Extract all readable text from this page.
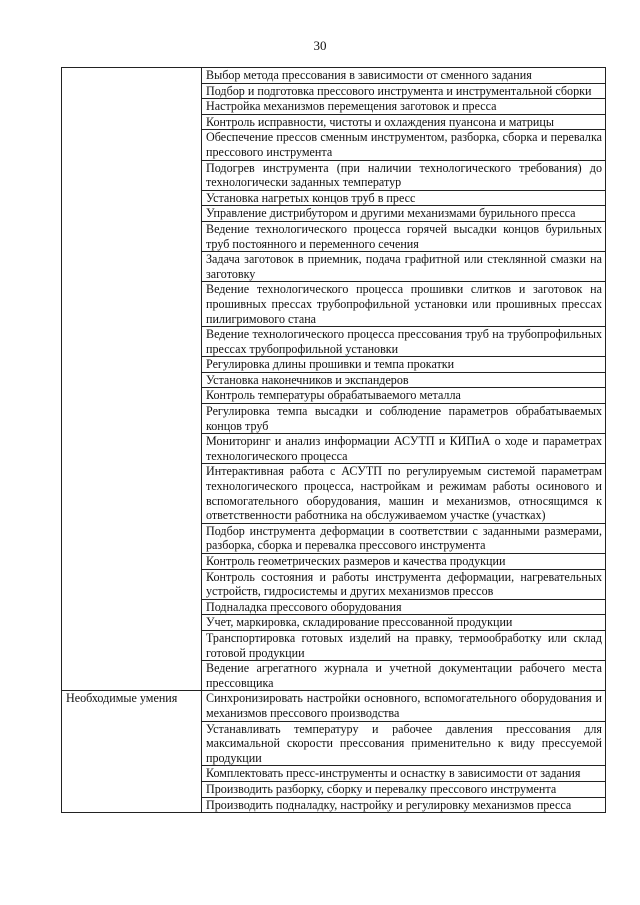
30
	Выбор метода прессования в зависимости от сменного задания
	Подбор и подготовка прессового инструмента и инструментальной сборки
	Настройка механизмов перемещения заготовок и пресса
	Контроль исправности, чистоты и охлаждения пуансона и матрицы
	Обеспечение прессов сменным инструментом, разборка, сборка и перевалка прессового инструмента
	Подогрев инструмента (при наличии технологического требования) до технологически заданных температур
	Установка нагретых концов труб в пресс
	Управление дистрибутором и другими механизмами бурильного пресса
	Ведение технологического процесса горячей высадки концов бурильных труб постоянного и переменного сечения
	Задача заготовок в приемник, подача графитной или стеклянной смазки на заготовку
	Ведение технологического процесса прошивки слитков и заготовок на прошивных прессах трубопрофильной установки или прошивных прессах пилигримового стана
	Ведение технологического процесса прессования труб на трубопрофильных прессах трубопрофильной установки
	Регулировка длины прошивки и темпа прокатки
	Установка наконечников и экспандеров
	Контроль температуры обрабатываемого металла
	Регулировка темпа высадки и соблюдение параметров обрабатываемых концов труб
	Мониторинг и анализ информации АСУТП и КИПиА о ходе и параметрах технологического процесса
	Интерактивная работа с АСУТП по регулируемым системой параметрам технологического процесса, настройкам и режимам работы осинового и вспомогательного оборудования, машин и механизмов, относящимся к ответственности работника на обслуживаемом участке (участках)
	Подбор инструмента деформации в соответствии с заданными размерами, разборка, сборка и перевалка прессового инструмента
	Контроль геометрических размеров и качества продукции
	Контроль состояния и работы инструмента деформации, нагревательных устройств, гидросистемы и других механизмов прессов
	Подналадка прессового оборудования
	Учет, маркировка, складирование прессованной продукции
	Транспортировка готовых изделий на правку, термообработку или склад готовой продукции
	Ведение агрегатного журнала и учетной документации рабочего места прессовщика
Необходимые умения	Синхронизировать настройки основного, вспомогательного оборудования и механизмов прессового производства
	Устанавливать температуру и рабочее давления прессования для максимальной скорости прессования применительно к виду прессуемой продукции
	Комплектовать пресс-инструменты и оснастку в зависимости от задания
	Производить разборку, сборку и перевалку прессового инструмента
	Производить подналадку, настройку и регулировку механизмов пресса
